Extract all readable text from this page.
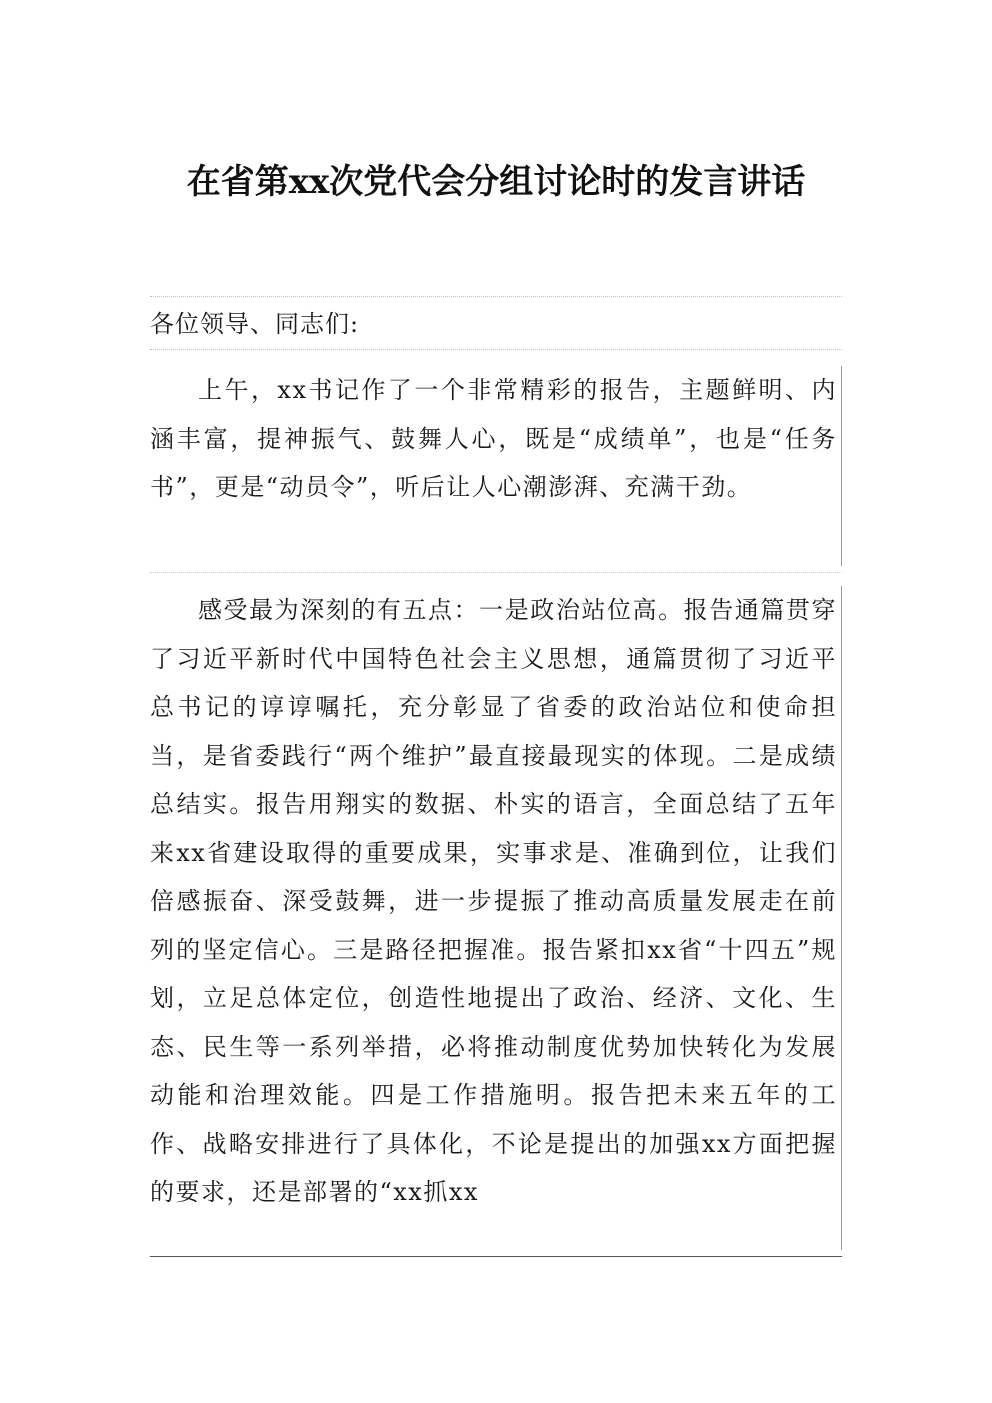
在省第xx次党代会分组讨论时的发言讲话

各位领导、同志们:

上午，xx书记作了一个非常精彩的报告，主题鲜明、内涵丰富，提神振气、鼓舞人心，既是“成绩单”，也是“任务书”，更是“动员令”，听后让人心潮澎湃、充满干劲。

感受最为深刻的有五点：一是政治站位高。报告通篇贯穿了习近平新时代中国特色社会主义思想，通篇贯彻了习近平总书记的谆谆嘱托，充分彰显了省委的政治站位和使命担当，是省委践行“两个维护”最直接最现实的体现。二是成绩总结实。报告用翔实的数据、朴实的语言，全面总结了五年来xx省建设取得的重要成果，实事求是、准确到位，让我们倍感振奋、深受鼓舞，进一步提振了推动高质量发展走在前列的坚定信心。三是路径把握准。报告紧扣xx省“十四五”规划，立足总体定位，创造性地提出了政治、经济、文化、生态、民生等一系列举措，必将推动制度优势加快转化为发展动能和治理效能。四是工作措施明。报告把未来五年的工作、战略安排进行了具体化，不论是提出的加强xx方面把握的要求，还是部署的“xx抓xx
